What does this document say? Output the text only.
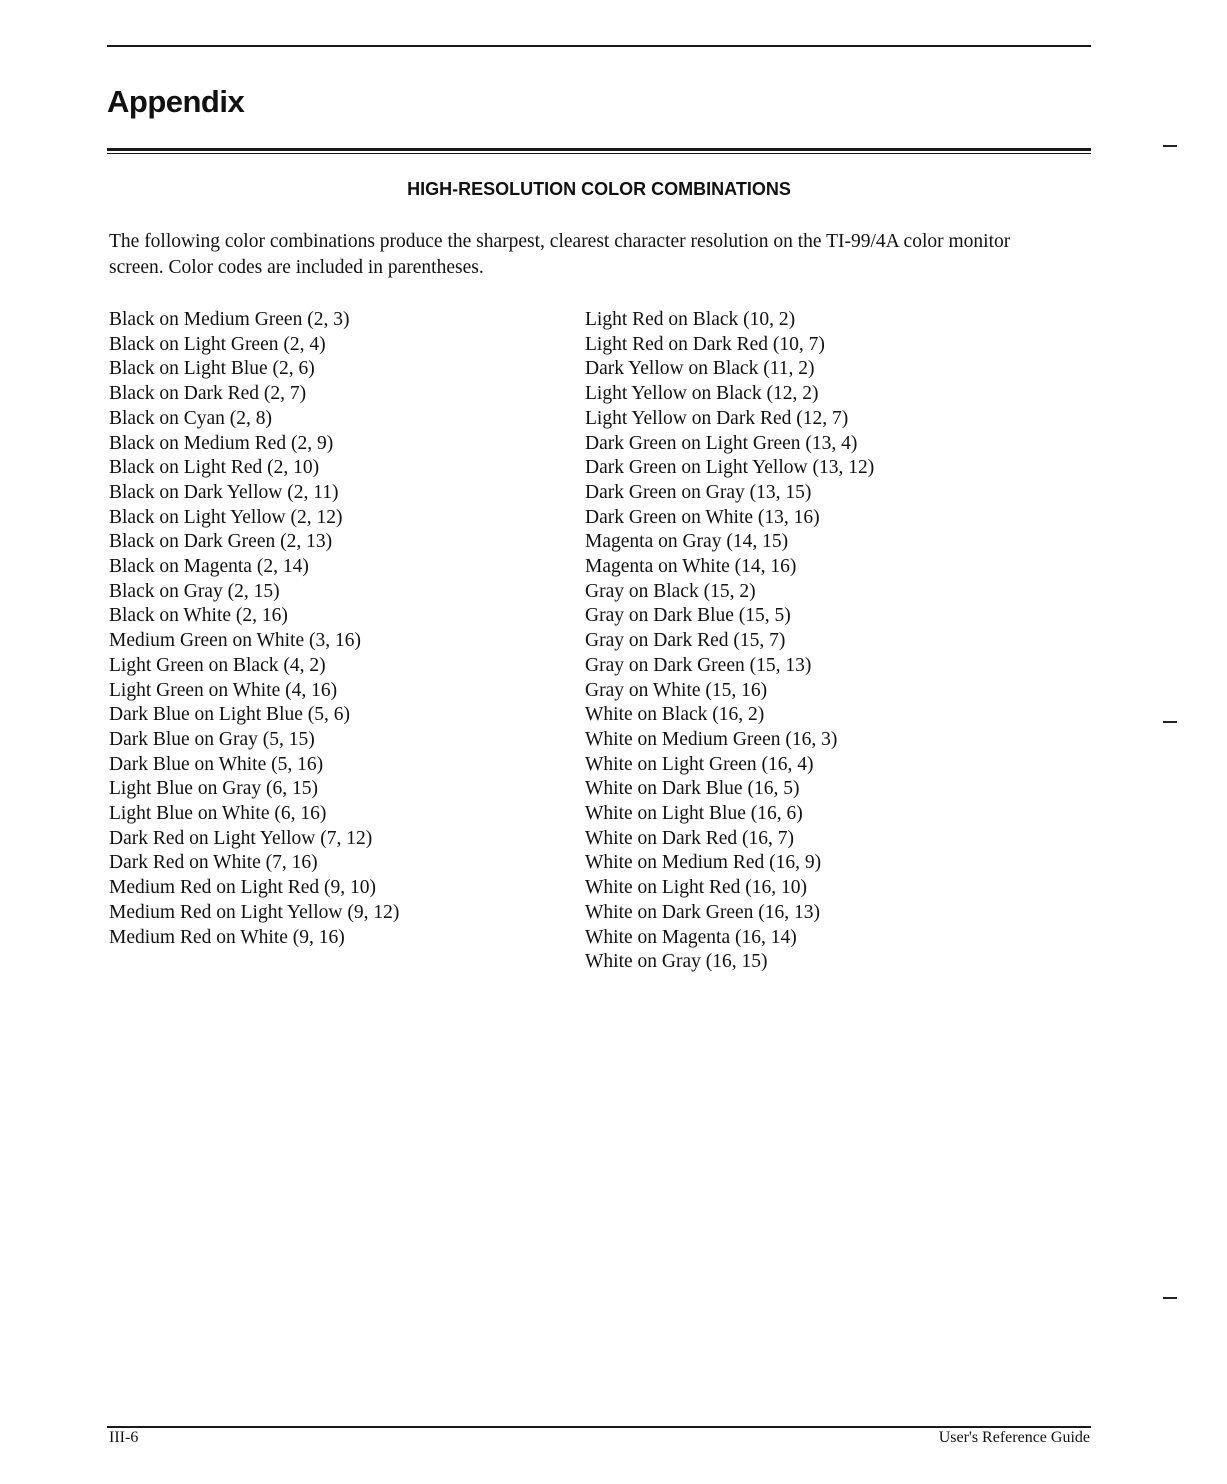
Appendix
HIGH-RESOLUTION COLOR COMBINATIONS

The following color combinations produce the sharpest, clearest character resolution on the TI-99/4A color monitor screen. Color codes are included in parentheses.

Black on Medium Green (2, 3)
Black on Light Green (2, 4)
Black on Light Blue (2, 6)
Black on Dark Red (2, 7)
Black on Cyan (2, 8)
Black on Medium Red (2, 9)
Black on Light Red (2, 10)
Black on Dark Yellow (2, 11)
Black on Light Yellow (2, 12)
Black on Dark Green (2, 13)
Black on Magenta (2, 14)
Black on Gray (2, 15)
Black on White (2, 16)
Medium Green on White (3, 16)
Light Green on Black (4, 2)
Light Green on White (4, 16)
Dark Blue on Light Blue (5, 6)
Dark Blue on Gray (5, 15)
Dark Blue on White (5, 16)
Light Blue on Gray (6, 15)
Light Blue on White (6, 16)
Dark Red on Light Yellow (7, 12)
Dark Red on White (7, 16)
Medium Red on Light Red (9, 10)
Medium Red on Light Yellow (9, 12)
Medium Red on White (9, 16)
Light Red on Black (10, 2)
Light Red on Dark Red (10, 7)
Dark Yellow on Black (11, 2)
Light Yellow on Black (12, 2)
Light Yellow on Dark Red (12, 7)
Dark Green on Light Green (13, 4)
Dark Green on Light Yellow (13, 12)
Dark Green on Gray (13, 15)
Dark Green on White (13, 16)
Magenta on Gray (14, 15)
Magenta on White (14, 16)
Gray on Black (15, 2)
Gray on Dark Blue (15, 5)
Gray on Dark Red (15, 7)
Gray on Dark Green (15, 13)
Gray on White (15, 16)
White on Black (16, 2)
White on Medium Green (16, 3)
White on Light Green (16, 4)
White on Dark Blue (16, 5)
White on Light Blue (16, 6)
White on Dark Red (16, 7)
White on Medium Red (16, 9)
White on Light Red (16, 10)
White on Dark Green (16, 13)
White on Magenta (16, 14)
White on Gray (16, 15)
III-6	User's Reference Guide
